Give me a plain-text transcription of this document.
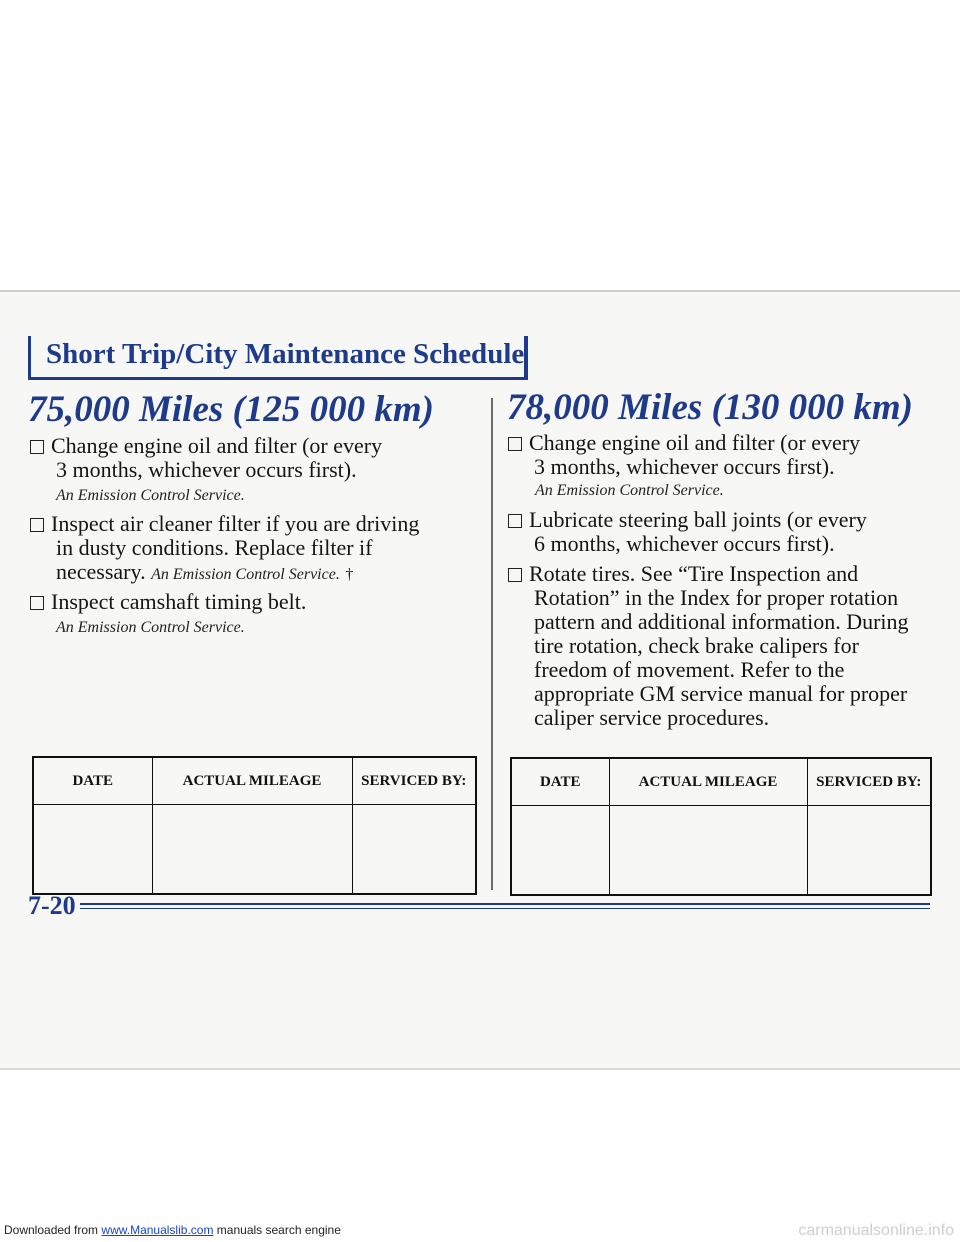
Short Trip/City Maintenance Schedule
75,000 Miles (125 000 km)
Change engine oil and filter (or every
3 months, whichever occurs first).
An Emission Control Service.
Inspect air cleaner filter if you are driving
in dusty conditions. Replace filter if
necessary. An Emission Control Service. †
Inspect camshaft timing belt.
An Emission Control Service.
78,000 Miles (130 000 km)
Change engine oil and filter (or every
3 months, whichever occurs first).
An Emission Control Service.
Lubricate steering ball joints (or every
6 months, whichever occurs first).
Rotate tires. See “Tire Inspection and
Rotation” in the Index for proper rotation
pattern and additional information. During
tire rotation, check brake calipers for
freedom of movement. Refer to the
appropriate GM service manual for proper
caliper service procedures.
DATE	ACTUAL MILEAGE	SERVICED BY:
			DATE	ACTUAL MILEAGE	SERVICED BY:

7-20
Downloaded from www.Manualslib.com manuals search engine	carmanualsonline.info
